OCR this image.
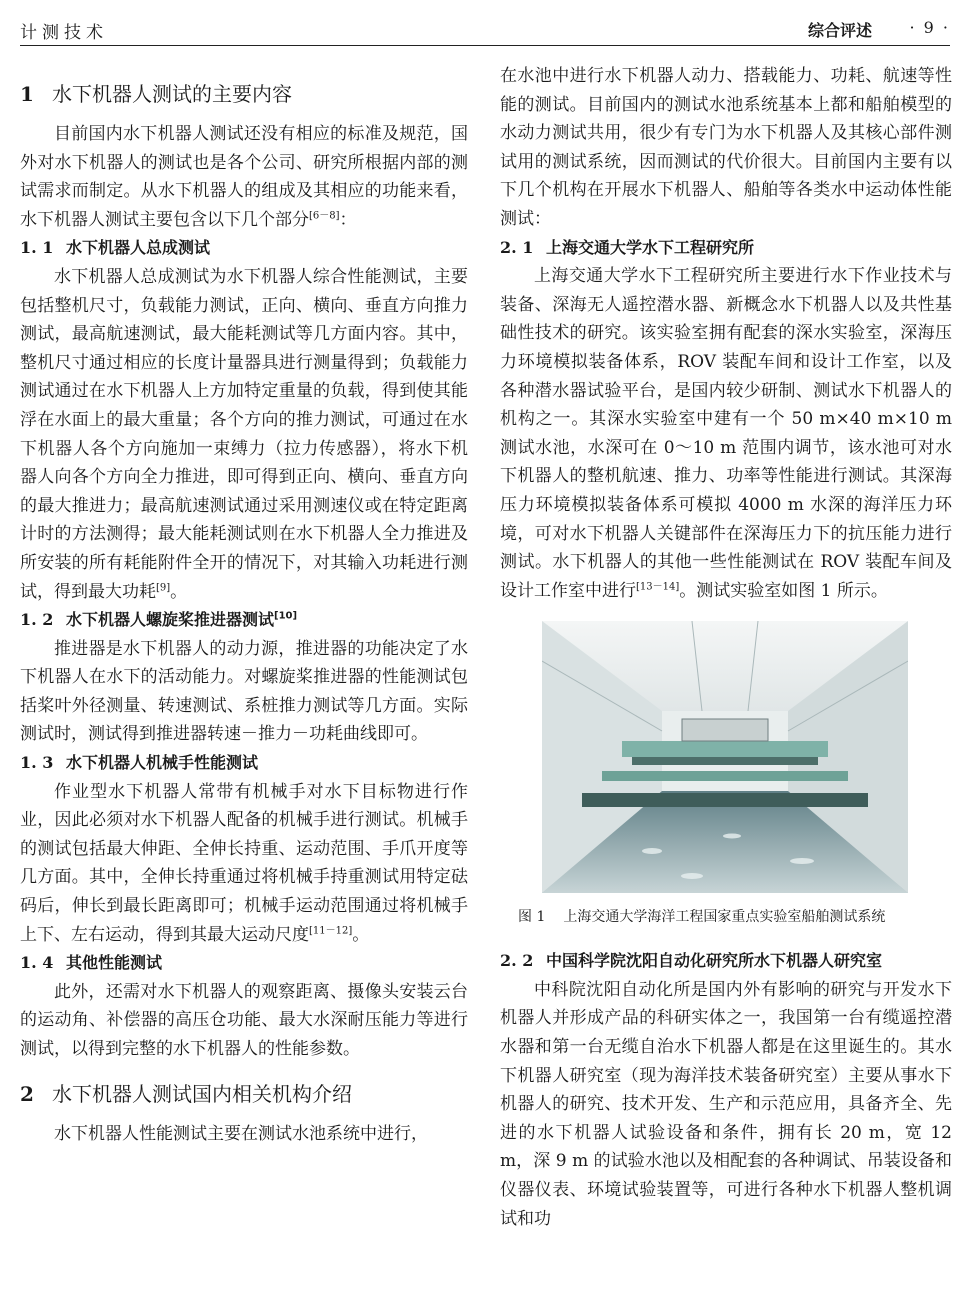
计测技术	综合评述 · 9 ·
1 水下机器人测试的主要内容

目前国内水下机器人测试还没有相应的标准及规范，国外对水下机器人的测试也是各个公司、研究所根据内部的测试需求而制定。从水下机器人的组成及其相应的功能来看，水下机器人测试主要包含以下几个部分[6－8]：

1. 1 水下机器人总成测试

水下机器人总成测试为水下机器人综合性能测试，主要包括整机尺寸，负载能力测试，正向、横向、垂直方向推力测试，最高航速测试，最大能耗测试等几方面内容。其中，整机尺寸通过相应的长度计量器具进行测量得到；负载能力测试通过在水下机器人上方加特定重量的负载，得到使其能浮在水面上的最大重量；各个方向的推力测试，可通过在水下机器人各个方向施加一束缚力（拉力传感器），将水下机器人向各个方向全力推进，即可得到正向、横向、垂直方向的最大推进力；最高航速测试通过采用测速仪或在特定距离计时的方法测得；最大能耗测试则在水下机器人全力推进及所安装的所有耗能附件全开的情况下，对其输入功耗进行测试，得到最大功耗[9]。

1. 2 水下机器人螺旋桨推进器测试[10]

推进器是水下机器人的动力源，推进器的功能决定了水下机器人在水下的活动能力。对螺旋桨推进器的性能测试包括桨叶外径测量、转速测试、系桩推力测试等几方面。实际测试时，测试得到推进器转速－推力－功耗曲线即可。

1. 3 水下机器人机械手性能测试

作业型水下机器人常带有机械手对水下目标物进行作业，因此必须对水下机器人配备的机械手进行测试。机械手的测试包括最大伸距、全伸长持重、运动范围、手爪开度等几方面。其中，全伸长持重通过将机械手持重测试用特定砝码后，伸长到最长距离即可；机械手运动范围通过将机械手上下、左右运动，得到其最大运动尺度[11－12]。

1. 4 其他性能测试

此外，还需对水下机器人的观察距离、摄像头安装云台的运动角、补偿器的高压仓功能、最大水深耐压能力等进行测试，以得到完整的水下机器人的性能参数。

2 水下机器人测试国内相关机构介绍

水下机器人性能测试主要在测试水池系统中进行，

在水池中进行水下机器人动力、搭载能力、功耗、航速等性能的测试。目前国内的测试水池系统基本上都和船舶模型的水动力测试共用，很少有专门为水下机器人及其核心部件测试用的测试系统，因而测试的代价很大。目前国内主要有以下几个机构在开展水下机器人、船舶等各类水中运动体性能测试：

2. 1 上海交通大学水下工程研究所

上海交通大学水下工程研究所主要进行水下作业技术与装备、深海无人遥控潜水器、新概念水下机器人以及共性基础性技术的研究。该实验室拥有配套的深水实验室，深海压力环境模拟装备体系，ROV 装配车间和设计工作室，以及各种潜水器试验平台，是国内较少研制、测试水下机器人的机构之一。其深水实验室中建有一个 50 m×40 m×10 m 测试水池，水深可在 0～10 m 范围内调节，该水池可对水下机器人的整机航速、推力、功率等性能进行测试。其深海压力环境模拟装备体系可模拟 4000 m 水深的海洋压力环境，可对水下机器人关键部件在深海压力下的抗压能力进行测试。水下机器人的其他一些性能测试在 ROV 装配车间及设计工作室中进行[13－14]。测试实验室如图 1 所示。

图 1 上海交通大学海洋工程国家重点实验室船舶测试系统
2. 2 中国科学院沈阳自动化研究所水下机器人研究室

中科院沈阳自动化所是国内外有影响的研究与开发水下机器人并形成产品的科研实体之一，我国第一台有缆遥控潜水器和第一台无缆自治水下机器人都是在这里诞生的。其水下机器人研究室（现为海洋技术装备研究室）主要从事水下机器人的研究、技术开发、生产和示范应用，具备齐全、先进的水下机器人试验设备和条件，拥有长 20 m，宽 12 m，深 9 m 的试验水池以及相配套的各种调试、吊装设备和仪器仪表、环境试验装置等，可进行各种水下机器人整机调试和功
